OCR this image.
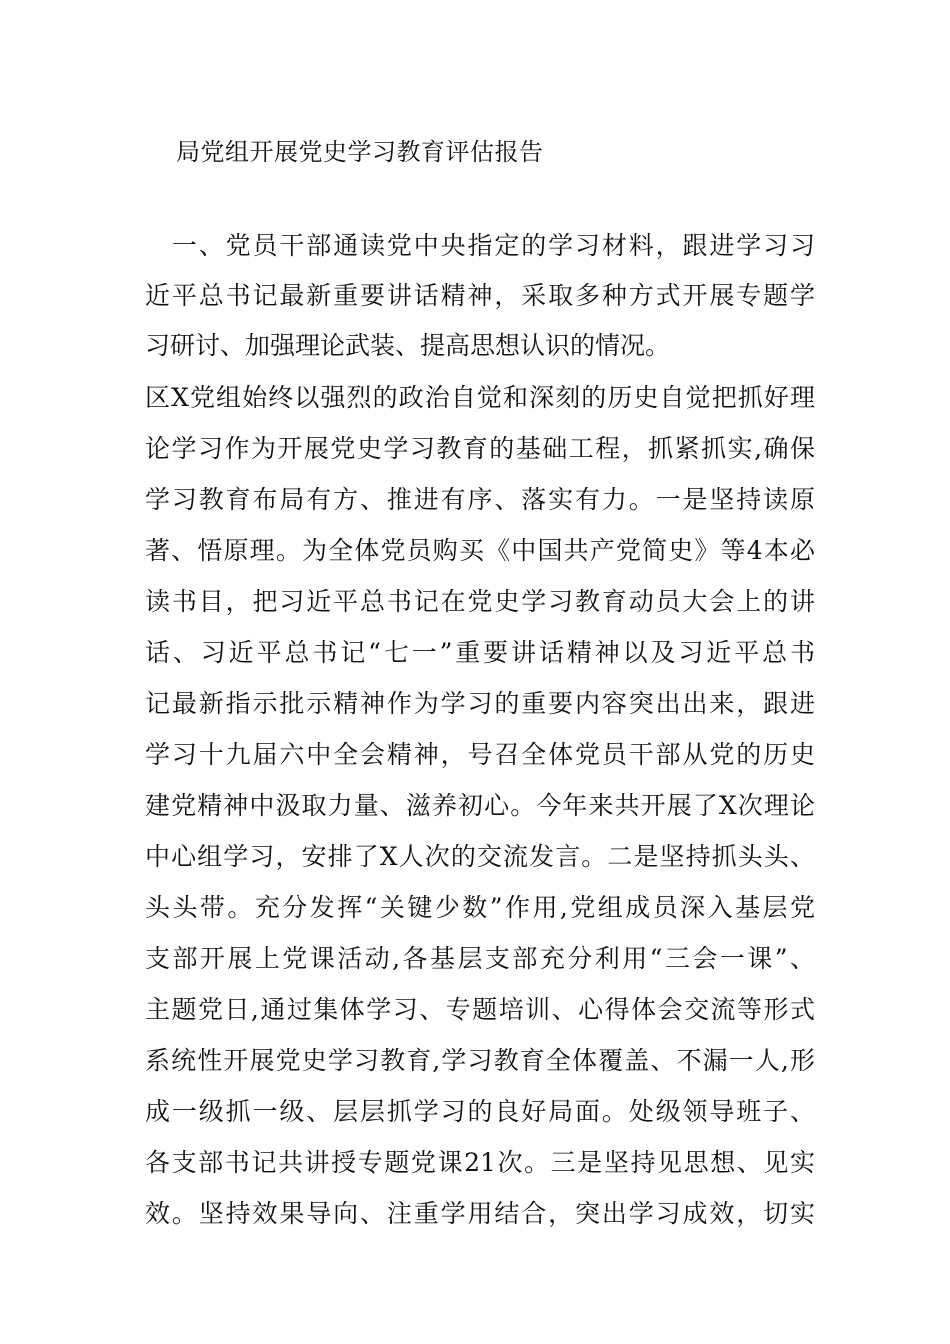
局党组开展党史学习教育评估报告
　一、党员干部通读党中央指定的学习材料，跟进学习习
近平总书记最新重要讲话精神，采取多种方式开展专题学
习研讨、加强理论武装、提高思想认识的情况。
区X党组始终以强烈的政治自觉和深刻的历史自觉把抓好理
论学习作为开展党史学习教育的基础工程，抓紧抓实,确保
学习教育布局有方、推进有序、落实有力。一是坚持读原
著、悟原理。为全体党员购买《中国共产党简史》等4本必
读书目，把习近平总书记在党史学习教育动员大会上的讲
话、习近平总书记“七一”重要讲话精神以及习近平总书
记最新指示批示精神作为学习的重要内容突出出来，跟进
学习十九届六中全会精神，号召全体党员干部从党的历史
建党精神中汲取力量、滋养初心。今年来共开展了X次理论
中心组学习，安排了X人次的交流发言。二是坚持抓头头、
头头带。充分发挥“关键少数”作用,党组成员深入基层党
支部开展上党课活动,各基层支部充分利用“三会一课”、
主题党日,通过集体学习、专题培训、心得体会交流等形式
系统性开展党史学习教育,学习教育全体覆盖、不漏一人,形
成一级抓一级、层层抓学习的良好局面。处级领导班子、
各支部书记共讲授专题党课21次。三是坚持见思想、见实
效。坚持效果导向、注重学用结合，突出学习成效，切实
